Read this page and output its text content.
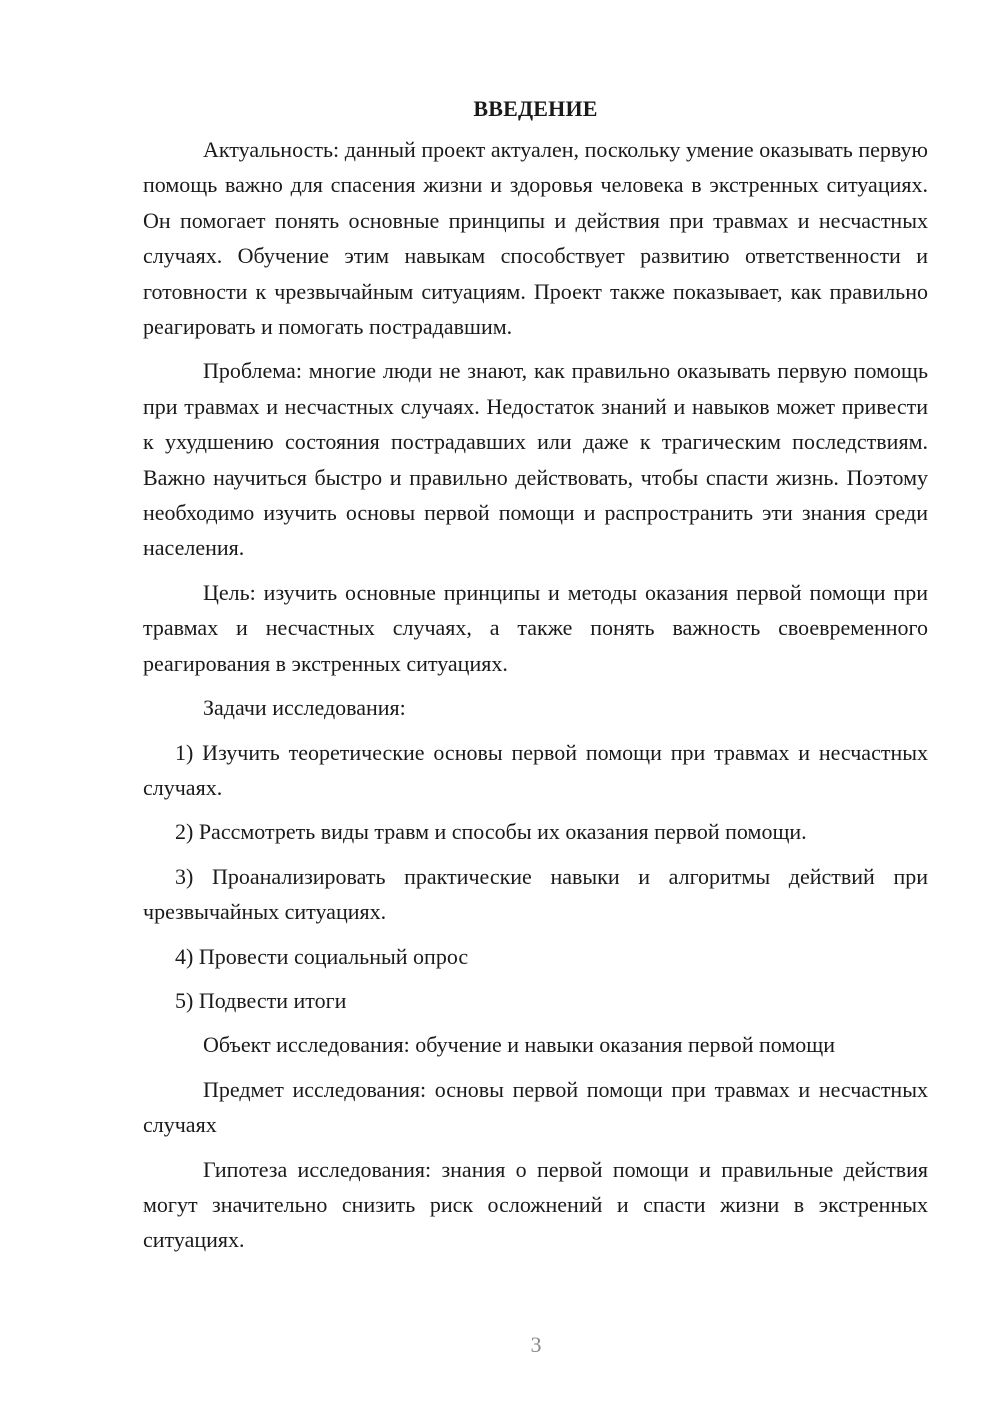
ВВЕДЕНИЕ

Актуальность: данный проект актуален, поскольку умение оказывать первую помощь важно для спасения жизни и здоровья человека в экстренных ситуациях. Он помогает понять основные принципы и действия при травмах и несчастных случаях. Обучение этим навыкам способствует развитию ответственности и готовности к чрезвычайным ситуациям. Проект также показывает, как правильно реагировать и помогать пострадавшим.

Проблема: многие люди не знают, как правильно оказывать первую помощь при травмах и несчастных случаях. Недостаток знаний и навыков может привести к ухудшению состояния пострадавших или даже к трагическим последствиям. Важно научиться быстро и правильно действовать, чтобы спасти жизнь. Поэтому необходимо изучить основы первой помощи и распространить эти знания среди населения.

Цель: изучить основные принципы и методы оказания первой помощи при травмах и несчастных случаях, а также понять важность своевременного реагирования в экстренных ситуациях.

Задачи исследования:

1) Изучить теоретические основы первой помощи при травмах и несчастных случаях.

2) Рассмотреть виды травм и способы их оказания первой помощи.

3) Проанализировать практические навыки и алгоритмы действий при чрезвычайных ситуациях.

4) Провести социальный опрос

5) Подвести итоги

Объект исследования: обучение и навыки оказания первой помощи

Предмет исследования: основы первой помощи при травмах и несчастных случаях

Гипотеза исследования: знания о первой помощи и правильные действия могут значительно снизить риск осложнений и спасти жизни в экстренных ситуациях.

3
